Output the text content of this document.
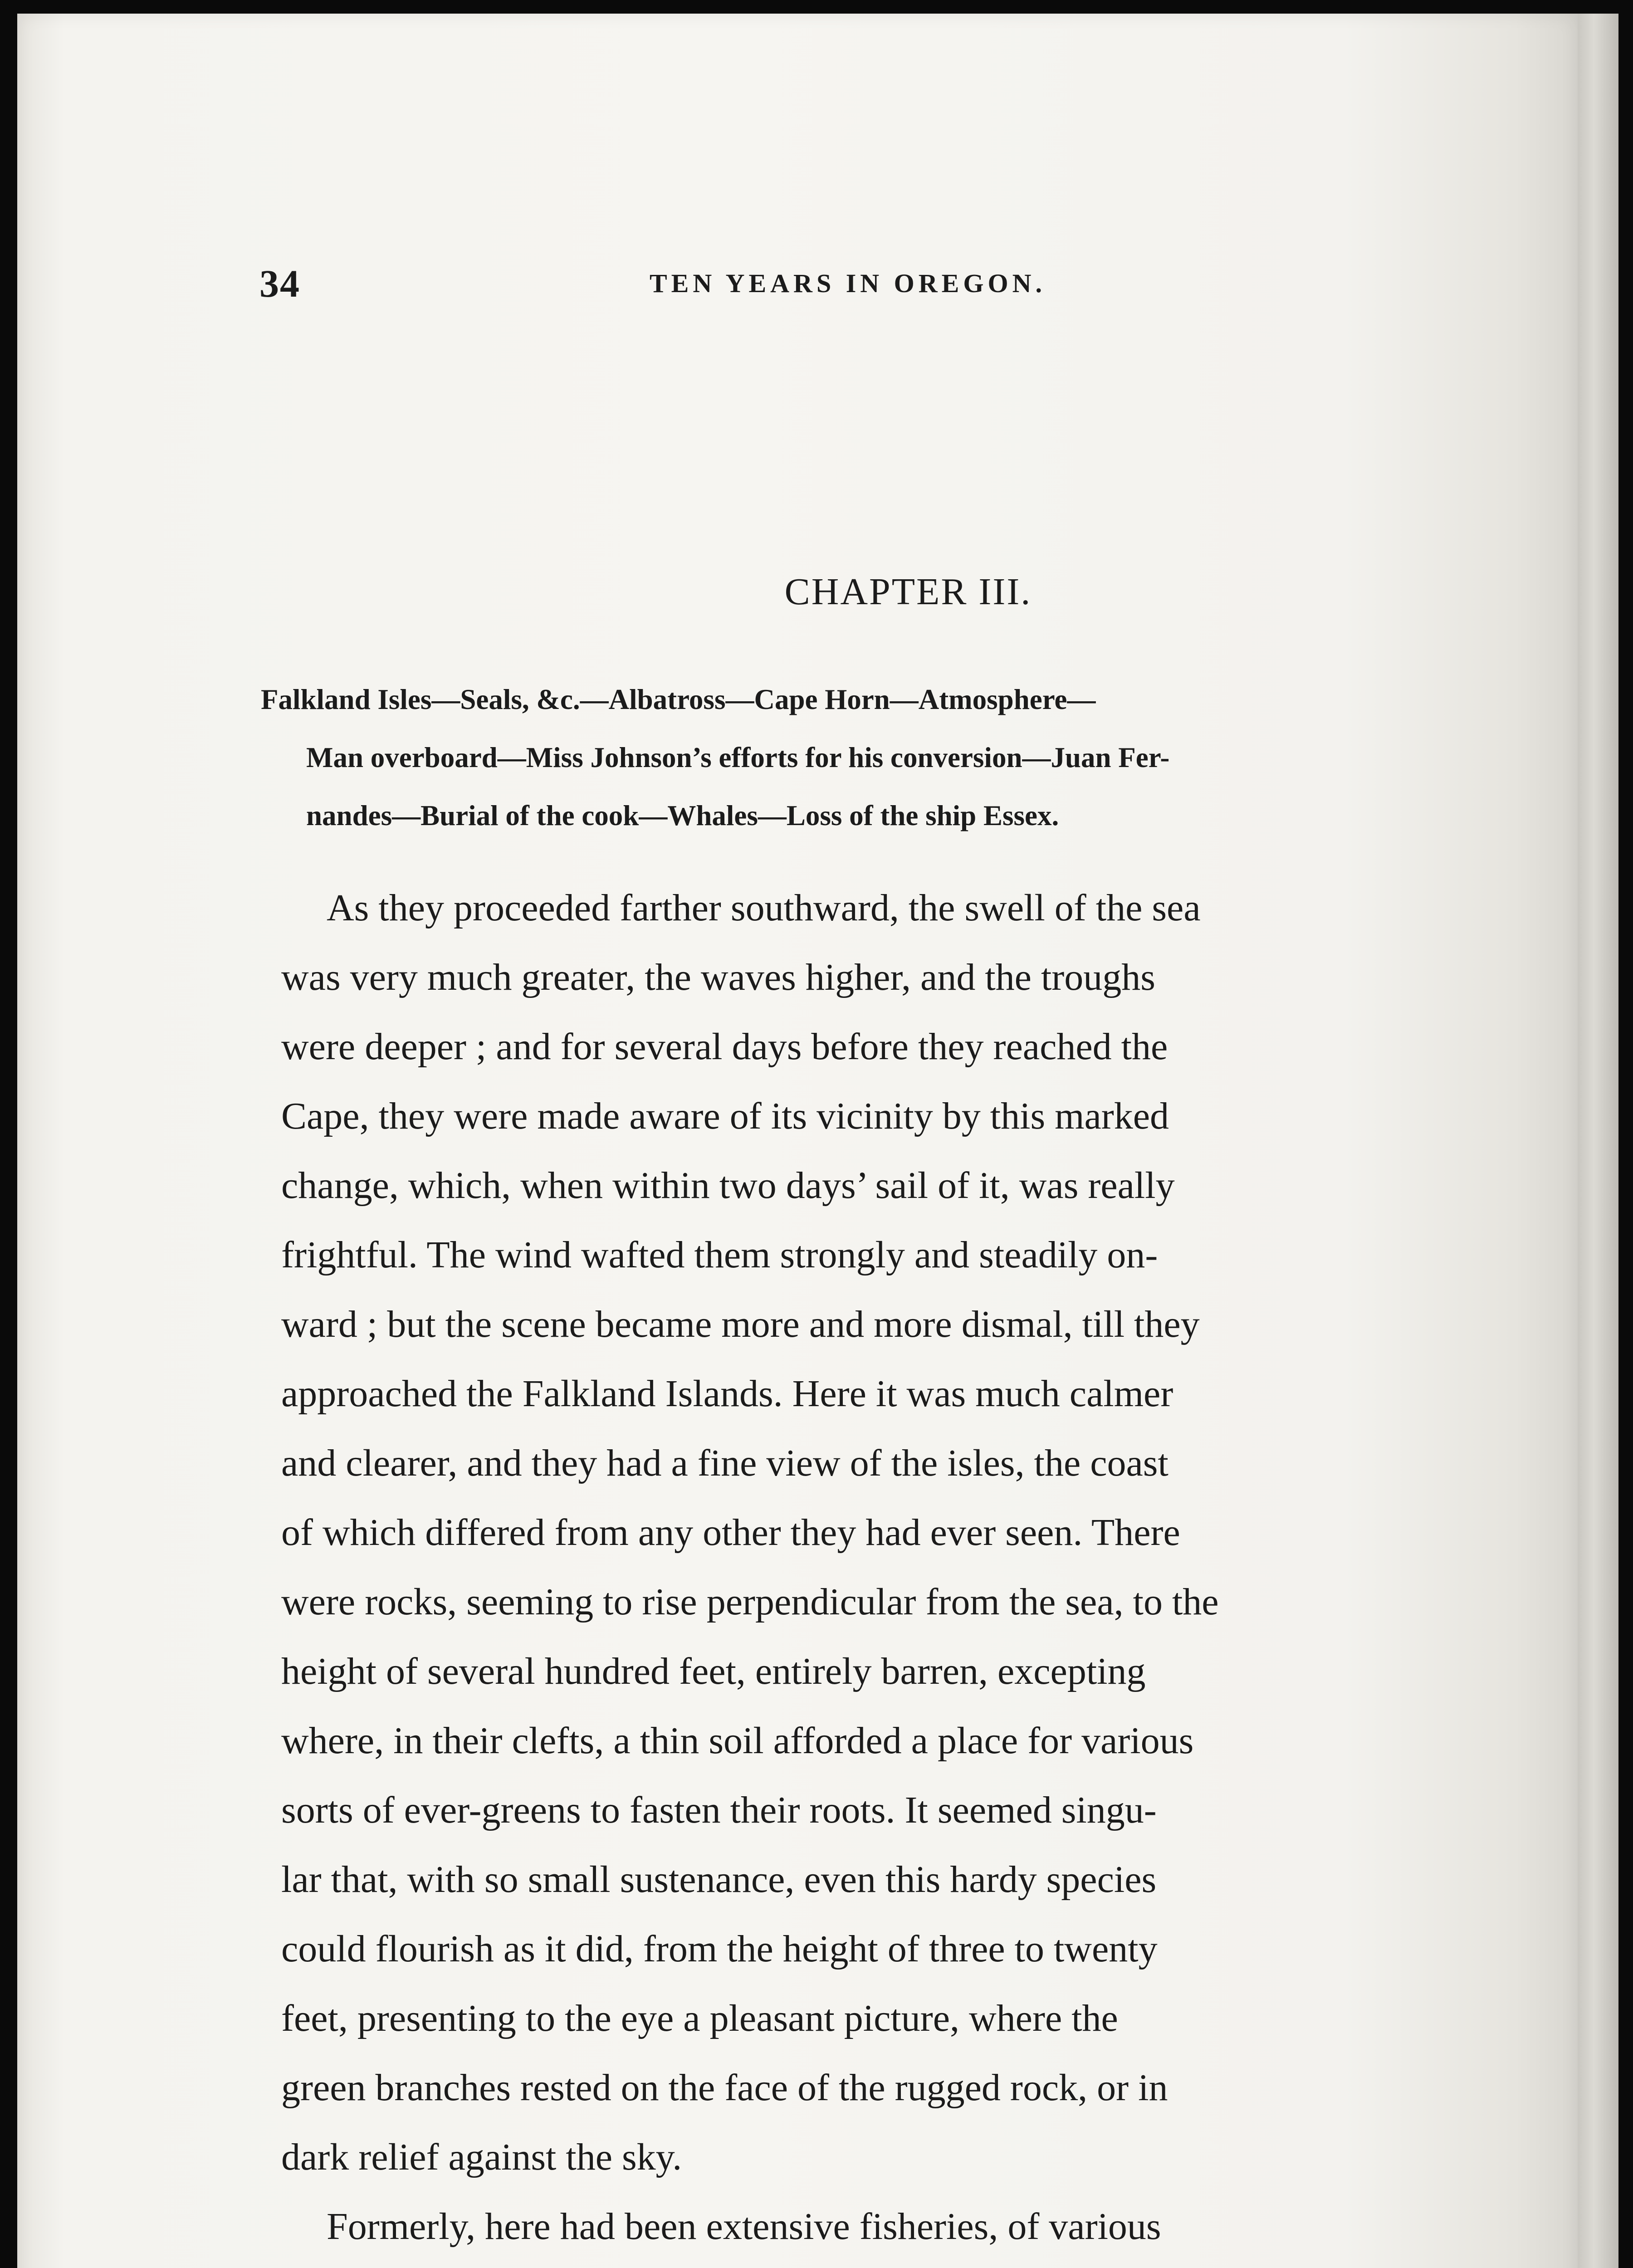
34	TEN YEARS IN OREGON.
CHAPTER III.
Falkland Isles—Seals, &c.—Albatross—Cape Horn—Atmosphere—
Man overboard—Miss Johnson’s efforts for his conversion—Juan Fer-
nandes—Burial of the cook—Whales—Loss of the ship Essex.
As they proceeded farther southward, the swell of the sea
was very much greater, the waves higher, and the troughs
were deeper ; and for several days before they reached the
Cape, they were made aware of its vicinity by this marked
change, which, when within two days’ sail of it, was really
frightful. The wind wafted them strongly and steadily on-
ward ; but the scene became more and more dismal, till they
approached the Falkland Islands. Here it was much calmer
and clearer, and they had a fine view of the isles, the coast
of which differed from any other they had ever seen. There
were rocks, seeming to rise perpendicular from the sea, to the
height of several hundred feet, entirely barren, excepting
where, in their clefts, a thin soil afforded a place for various
sorts of ever-greens to fasten their roots. It seemed singu-
lar that, with so small sustenance, even this hardy species
could flourish as it did, from the height of three to twenty
feet, presenting to the eye a pleasant picture, where the
green branches rested on the face of the rugged rock, or in
dark relief against the sky.
Formerly, here had been extensive fisheries, of various
